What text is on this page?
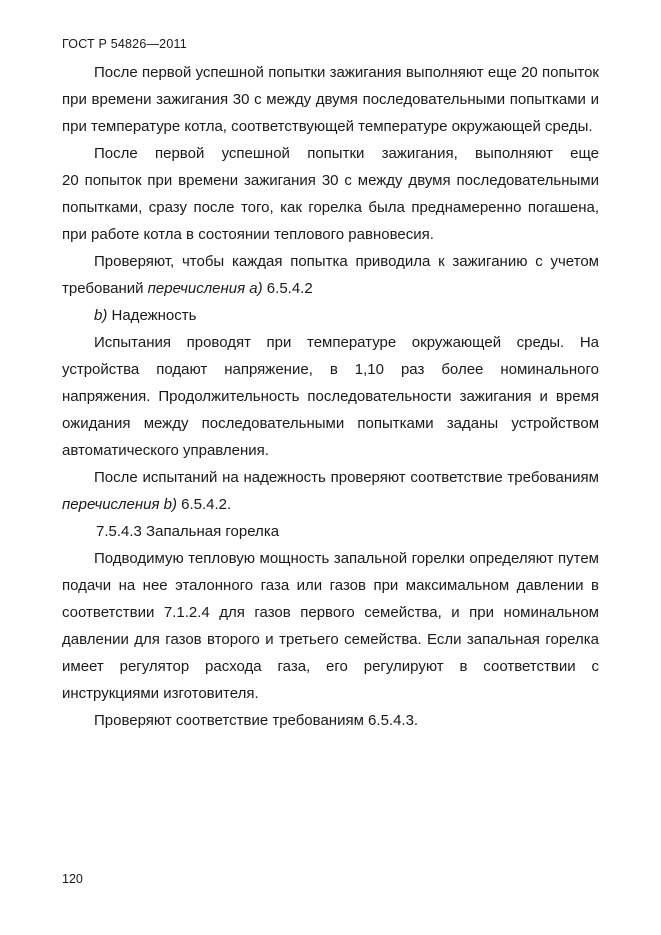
ГОСТ Р 54826—2011

После первой успешной попытки зажигания выполняют еще 20 попыток при времени зажигания 30 с между двумя последовательными попытками и при температуре котла, соответствующей температуре окружающей среды.

После первой успешной попытки зажигания, выполняют еще 20 попыток при времени зажигания 30 с между двумя последовательными попытками, сразу после того, как горелка была преднамеренно погашена, при работе котла в состоянии теплового равновесия.

Проверяют, чтобы каждая попытка приводила к зажиганию с учетом требований перечисления а) 6.5.4.2

b) Надежность

Испытания проводят при температуре окружающей среды. На устройства подают напряжение, в 1,10 раз более номинального напряжения. Продолжительность последовательности зажигания и время ожидания между последовательными попытками заданы устройством автоматического управления.

После испытаний на надежность проверяют соответствие требованиям перечисления b) 6.5.4.2.

7.5.4.3 Запальная горелка

Подводимую тепловую мощность запальной горелки определяют путем подачи на нее эталонного газа или газов при максимальном давлении в соответствии 7.1.2.4 для газов первого семейства, и при номинальном давлении для газов второго и третьего семейства. Если запальная горелка имеет регулятор расхода газа, его регулируют в соответствии с инструкциями изготовителя.

Проверяют соответствие требованиям 6.5.4.3.

120
